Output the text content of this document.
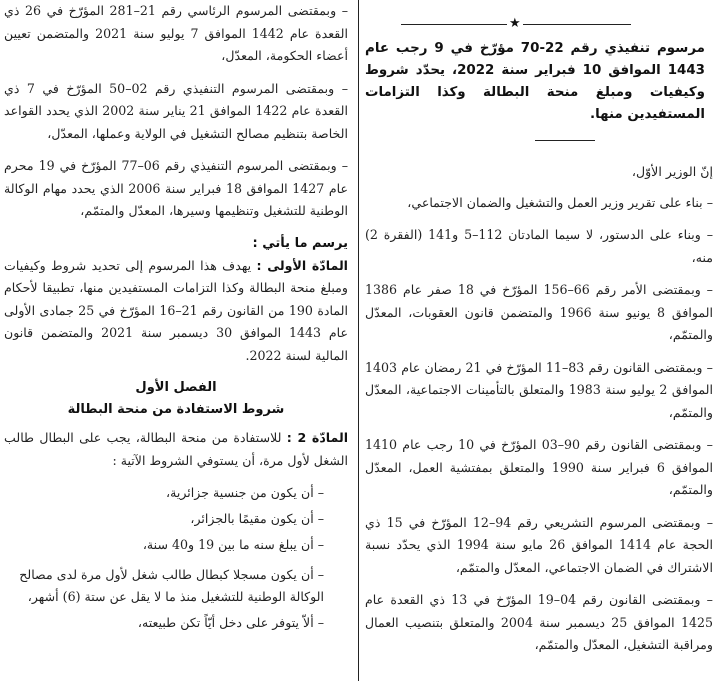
★
مرسوم تنفيذي رقم 22-70 مؤرّخ في 9 رجب عام 1443 الموافق 10 فبراير سنة 2022، يحدّد شروط وكيفيات ومبلغ منحة البطالة وكذا التزامات المستفيدين منها.
إنّ الوزير الأوّل،
– بناء على تقرير وزير العمل والتشغيل والضمان الاجتماعي،
– وبناء على الدستور، لا سيما المادتان 112–5 و141 (الفقرة 2) منه،
– وبمقتضى الأمر رقم 66–156 المؤرّخ في 18 صفر عام 1386 الموافق 8 يونيو سنة 1966 والمتضمن قانون العقوبات، المعدّل والمتمّم،
– وبمقتضى القانون رقم 83–11 المؤرّخ في 21 رمضان عام 1403 الموافق 2 يوليو سنة 1983 والمتعلق بالتأمينات الاجتماعية، المعدّل والمتمّم،
– وبمقتضى القانون رقم 90–03 المؤرّخ في 10 رجب عام 1410 الموافق 6 فبراير سنة 1990 والمتعلق بمفتشية العمل، المعدّل والمتمّم،
– وبمقتضى المرسوم التشريعي رقم 94–12 المؤرّخ في 15 ذي الحجة عام 1414 الموافق 26 مايو سنة 1994 الذي يحدّد نسبة الاشتراك في الضمان الاجتماعي، المعدّل والمتمّم،
– وبمقتضى القانون رقم 04–19 المؤرّخ في 13 ذي القعدة عام 1425 الموافق 25 ديسمبر سنة 2004 والمتعلق بتنصيب العمال ومراقبة التشغيل، المعدّل والمتمّم،
– وبمقتضى المرسوم الرئاسي رقم 21–281 المؤرّخ في 26 ذي القعدة عام 1442 الموافق 7 يوليو سنة 2021 والمتضمن تعيين أعضاء الحكومة، المعدّل،
– وبمقتضى المرسوم التنفيذي رقم 02–50 المؤرّخ في 7 ذي القعدة عام 1422 الموافق 21 يناير سنة 2002 الذي يحدد القواعد الخاصة بتنظيم مصالح التشغيل في الولاية وعملها، المعدّل،
– وبمقتضى المرسوم التنفيذي رقم 06–77 المؤرّخ في 19 محرم عام 1427 الموافق 18 فبراير سنة 2006 الذي يحدد مهام الوكالة الوطنية للتشغيل وتنظيمها وسيرها، المعدّل والمتمّم،
يرسم ما يأتي :
المادّة الأولى : يهدف هذا المرسوم إلى تحديد شروط وكيفيات ومبلغ منحة البطالة وكذا التزامات المستفيدين منها، تطبيقا لأحكام المادة 190 من القانون رقم 21–16 المؤرّخ في 25 جمادى الأولى عام 1443 الموافق 30 ديسمبر سنة 2021 والمتضمن قانون المالية لسنة 2022.
الفصل الأول
شروط الاستفادة من منحة البطالة
المادّة 2 : للاستفادة من منحة البطالة، يجب على البطال طالب الشغل لأول مرة، أن يستوفي الشروط الآتية :
– أن يكون من جنسية جزائرية،
– أن يكون مقيمًا بالجزائر،
– أن يبلغ سنه ما بين 19 و40 سنة،
– أن يكون مسجلا كبطال طالب شغل لأول مرة لدى مصالح الوكالة الوطنية للتشغيل منذ ما لا يقل عن ستة (6) أشهر،
– ألاّ يتوفر على دخل أيّاً تكن طبيعته،
